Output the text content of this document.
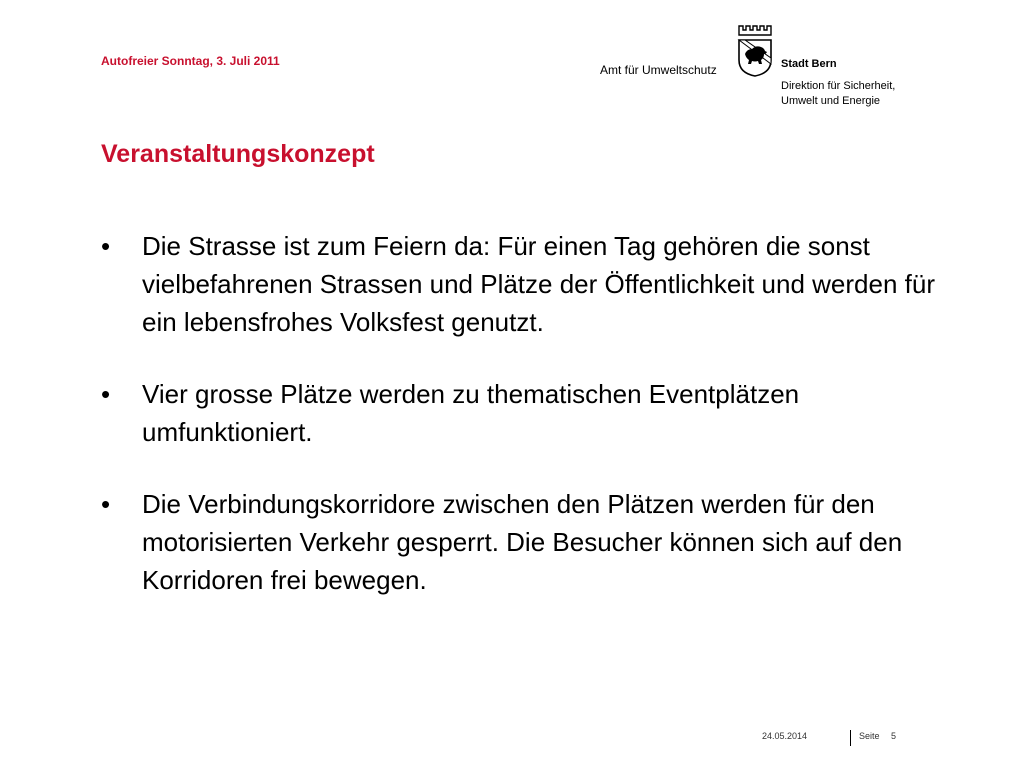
Autofreier Sonntag, 3. Juli 2011
Amt für Umweltschutz	Stadt Bern
Direktion für Sicherheit,
Umwelt und Energie
Veranstaltungskonzept
• Die Strasse ist zum Feiern da: Für einen Tag gehören die sonst vielbefahrenen Strassen und Plätze der Öffentlichkeit und werden für ein lebensfrohes Volksfest genutzt.
• Vier grosse Plätze werden zu thematischen Eventplätzen umfunktioniert.
• Die Verbindungskorridore zwischen den Plätzen werden für den motorisierten Verkehr gesperrt. Die Besucher können sich auf den Korridoren frei bewegen.
24.05.2014	Seite 5
